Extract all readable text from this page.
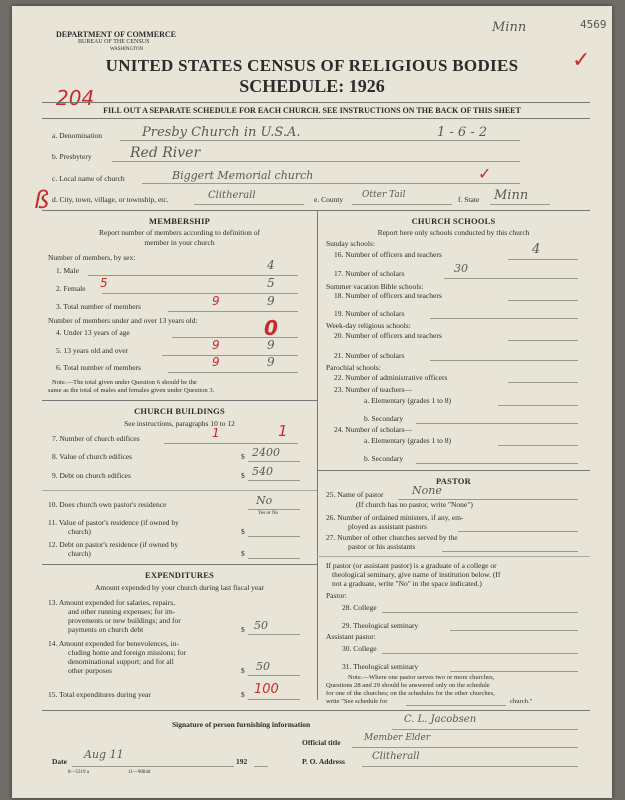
DEPARTMENT OF COMMERCE
BUREAU OF THE CENSUS
WASHINGTON
4569
Minn
✓
UNITED STATES CENSUS OF RELIGIOUS BODIES
SCHEDULE: 1926
204
FILL OUT A SEPARATE SCHEDULE FOR EACH CHURCH. SEE INSTRUCTIONS ON THE BACK OF THIS SHEET
a. Denomination	Presby Church in U.S.A.	1 - 6 - 2
b. Presbytery	Red River
c. Local name of church	Biggert Memorial church	✓
d. City, town, village, or township, etc.	Clitherall	e. County Otter Tail	f. State Minn
ß
MEMBERSHIP
Report number of members according to definition of
member in your church
Number of members, by sex:
1. Male	4
2. Female 5	5
3. Total number of members	9	9
Number of members under and over 13 years old:
4. Under 13 years of age	0
5. 13 years old and over	9	9
6. Total number of members	9	9
Note.—The total given under Question 6 should be the
same as the total of males and females given under Question 3.
CHURCH BUILDINGS
See instructions, paragraphs 10 to 12
7. Number of church edifices	1	1
8. Value of church edifices	$ 2400
9. Debt on church edifices	$ 540
10. Does church own pastor's residence	No
Yes or No
11. Value of pastor's residence (if owned by
church)	$
12. Debt on pastor's residence (if owned by
church)	$
EXPENDITURES
Amount expended by your church during last fiscal year
13. Amount expended for salaries, repairs,
and other running expenses; for im-
provements or new buildings; and for
payments on church debt	$ 50
14. Amount expended for benevolences, in-
cluding home and foreign missions; for
denominational support; and for all
other purposes	$ 50
15. Total expenditures during year	$ 100
CHURCH SCHOOLS
Report here only schools conducted by this church
Sunday schools:
16. Number of officers and teachers	4
17. Number of scholars	30
Summer vacation Bible schools:
18. Number of officers and teachers
19. Number of scholars
Week-day religious schools:
20. Number of officers and teachers
21. Number of scholars
Parochial schools:
22. Number of administrative officers
23. Number of teachers—
a. Elementary (grades 1 to 8)
b. Secondary
24. Number of scholars—
a. Elementary (grades 1 to 8)
b. Secondary
PASTOR
25. Name of pastor	None
(If church has no pastor, write "None")
26. Number of ordained ministers, if any, em-
ployed as assistant pastors
27. Number of other churches served by the
pastor or his assistants
If pastor (or assistant pastor) is a graduate of a college or
theological seminary, give name of institution below. (If
not a graduate, write "No" in the space indicated.)
Pastor:
28. College
29. Theological seminary
Assistant pastor:
30. College
31. Theological seminary
Note.—Where one pastor serves two or more churches,
Questions 28 and 29 should be answered only on the schedule
for one of the churches; on the schedules for the other churches,
write "See schedule for	church."
Signature of person furnishing information	C. L. Jacobsen
Official title	Member Elder
Date
Aug 11
192	P. O. Address	Clitherall
8—5319 a	11—9084d
